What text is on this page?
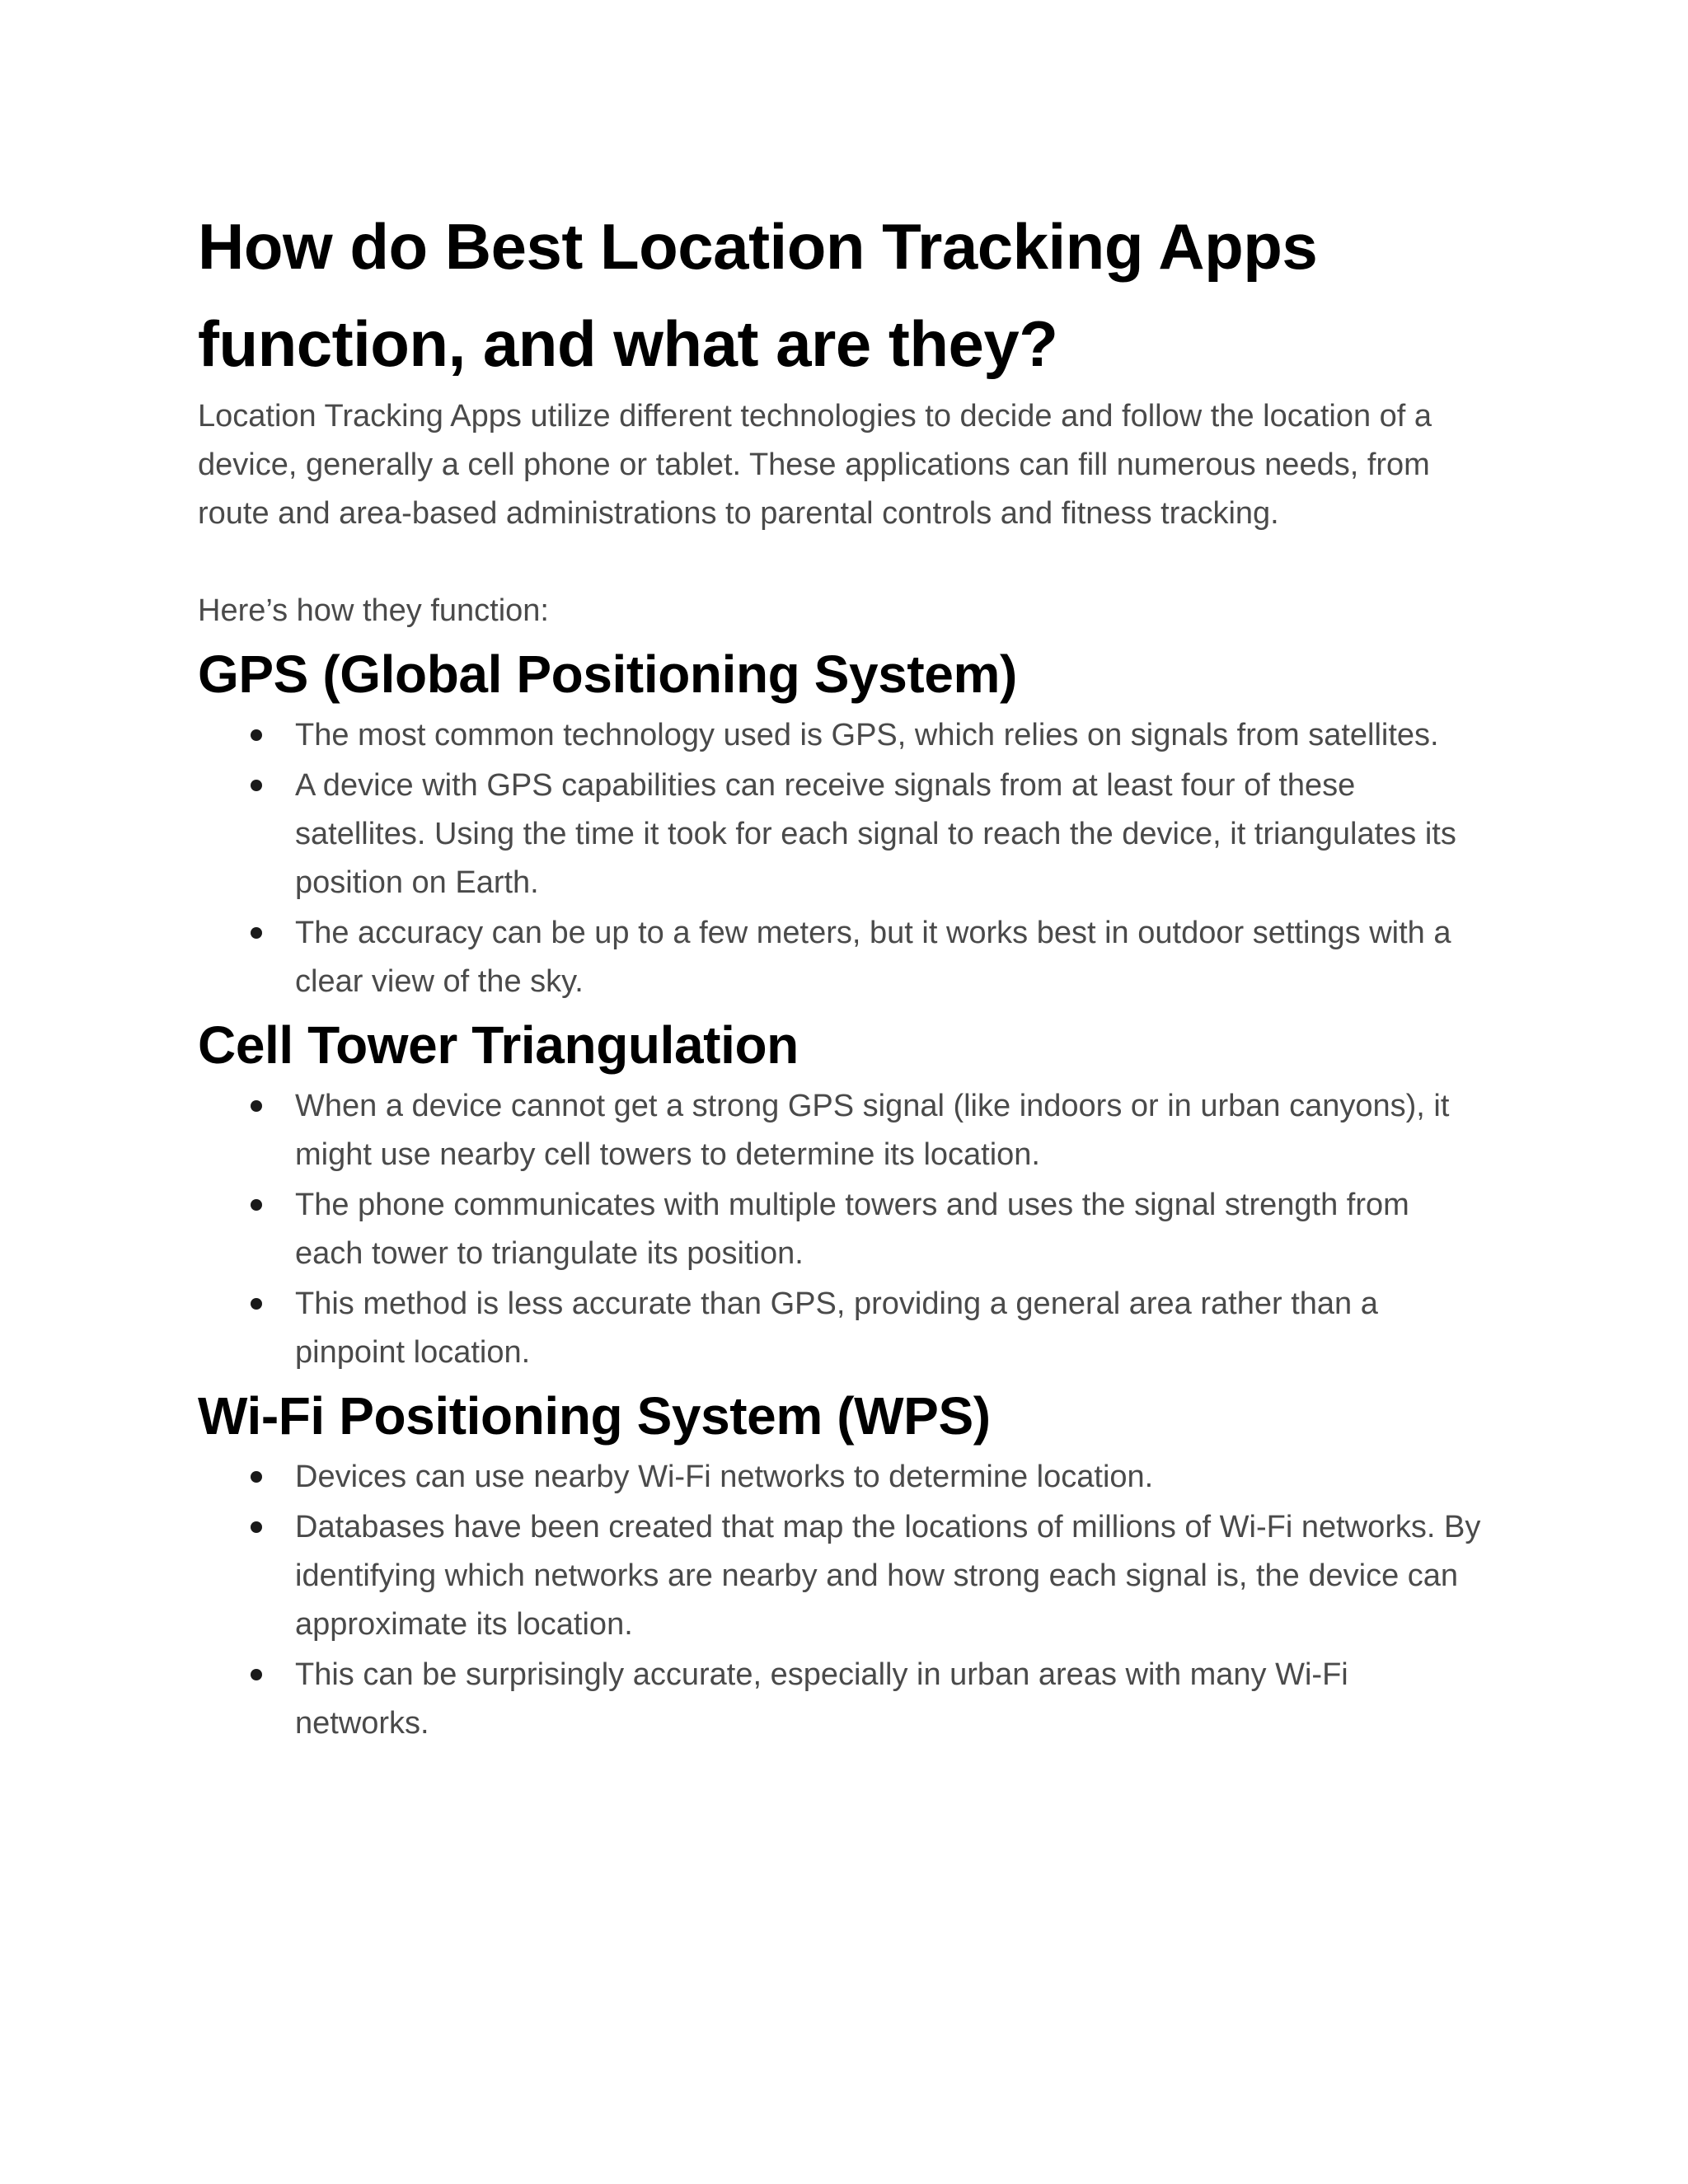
How do Best Location Tracking Apps function, and what are they?

Location Tracking Apps utilize different technologies to decide and follow the location of a device, generally a cell phone or tablet. These applications can fill numerous needs, from route and area-based administrations to parental controls and fitness tracking.

Here’s how they function:

GPS (Global Positioning System)
The most common technology used is GPS, which relies on signals from satellites.
A device with GPS capabilities can receive signals from at least four of these satellites. Using the time it took for each signal to reach the device, it triangulates its position on Earth.
The accuracy can be up to a few meters, but it works best in outdoor settings with a clear view of the sky.
Cell Tower Triangulation
When a device cannot get a strong GPS signal (like indoors or in urban canyons), it might use nearby cell towers to determine its location.
The phone communicates with multiple towers and uses the signal strength from each tower to triangulate its position.
This method is less accurate than GPS, providing a general area rather than a pinpoint location.
Wi-Fi Positioning System (WPS)
Devices can use nearby Wi-Fi networks to determine location.
Databases have been created that map the locations of millions of Wi-Fi networks. By identifying which networks are nearby and how strong each signal is, the device can approximate its location.
This can be surprisingly accurate, especially in urban areas with many Wi-Fi networks.
